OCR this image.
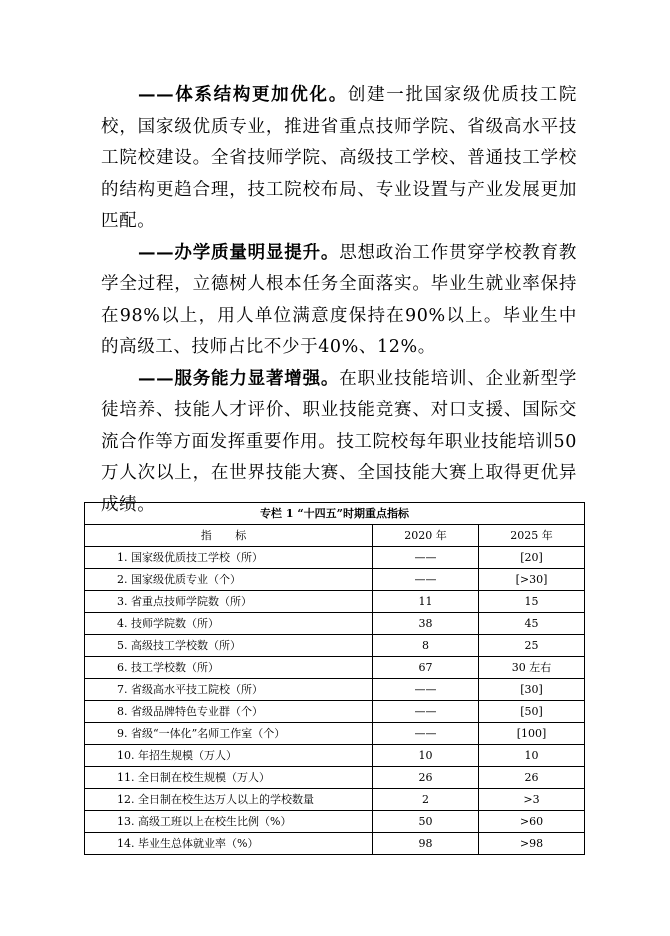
——体系结构更加优化。创建一批国家级优质技工院校，国家级优质专业，推进省重点技师学院、省级高水平技工院校建设。全省技师学院、高级技工学校、普通技工学校的结构更趋合理，技工院校布局、专业设置与产业发展更加匹配。

——办学质量明显提升。思想政治工作贯穿学校教育教学全过程，立德树人根本任务全面落实。毕业生就业率保持在98%以上，用人单位满意度保持在90%以上。毕业生中的高级工、技师占比不少于40%、12%。

——服务能力显著增强。在职业技能培训、企业新型学徒培养、技能人才评价、职业技能竞赛、对口支援、国际交流合作等方面发挥重要作用。技工院校每年职业技能培训50万人次以上，在世界技能大赛、全国技能大赛上取得更优异成绩。	专栏 1 “十四五”时期重点指标		
指 标	2020 年	2025 年
1. 国家级优质技工学校（所）	——	[20]
2. 国家级优质专业（个）	——	[>30]
3. 省重点技师学院数（所）	11	15
4. 技师学院数（所）	38	45
5. 高级技工学校数（所）	8	25
6. 技工学校数（所）	67	30 左右
7. 省级高水平技工院校（所）	——	[30]
8. 省级品牌特色专业群（个）	——	[50]
9. 省级“一体化”名师工作室（个）	——	[100]
10. 年招生规模（万人）	10	10
11. 全日制在校生规模（万人）	26	26
12. 全日制在校生达万人以上的学校数量	2	>3
13. 高级工班以上在校生比例（%）	50	>60
14. 毕业生总体就业率（%）	98	>98
